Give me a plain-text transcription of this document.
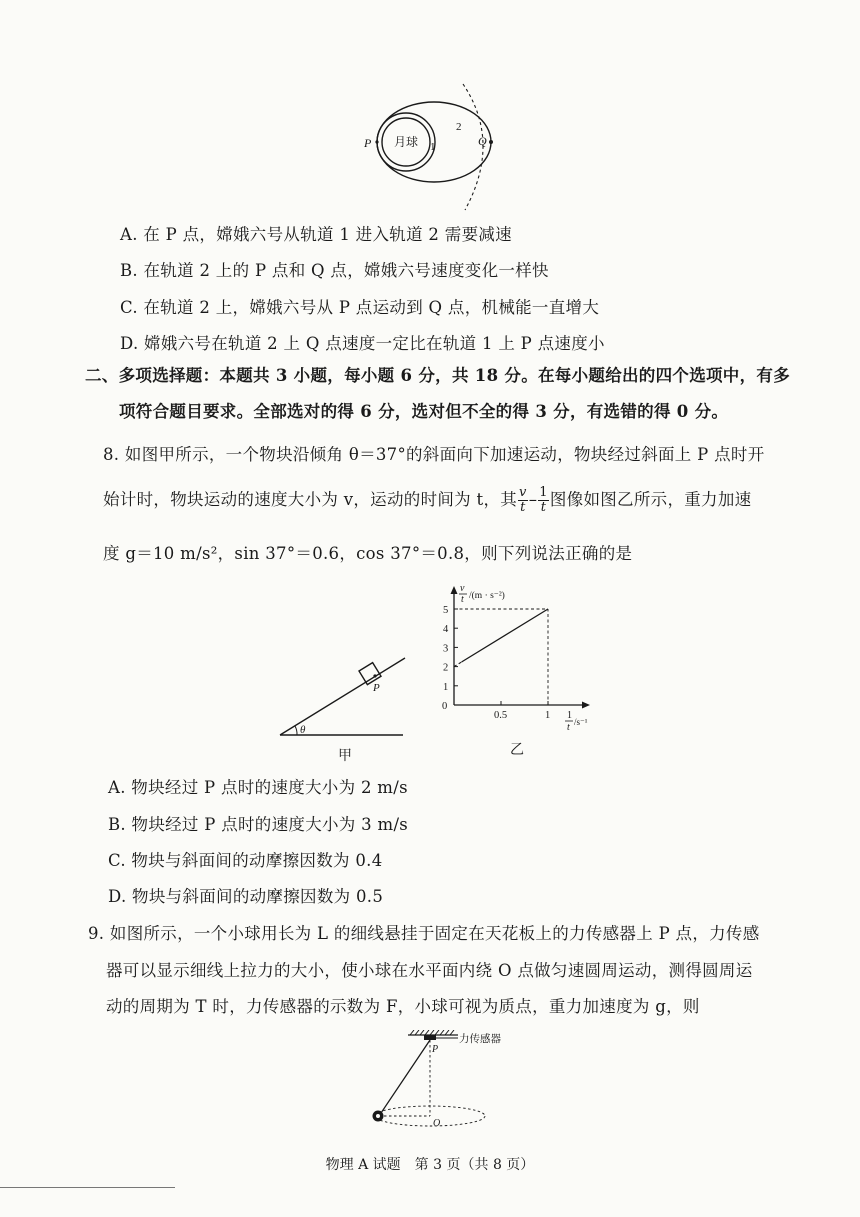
月球
P	Q
1
2
A. 在 P 点，嫦娥六号从轨道 1 进入轨道 2 需要减速
B. 在轨道 2 上的 P 点和 Q 点，嫦娥六号速度变化一样快
C. 在轨道 2 上，嫦娥六号从 P 点运动到 Q 点，机械能一直增大
D. 嫦娥六号在轨道 2 上 Q 点速度一定比在轨道 1 上 P 点速度小
二、多项选择题：本题共 3 小题，每小题 6 分，共 18 分。在每小题给出的四个选项中，有多
项符合题目要求。全部选对的得 6 分，选对但不全的得 3 分，有选错的得 0 分。
8. 如图甲所示，一个物块沿倾角 θ＝37°的斜面向下加速运动，物块经过斜面上 P 点时开
始计时，物块运动的速度大小为 v，运动的时间为 t，其 $\frac{v}{t} - \frac{1}{t}$ 图像如图乙所示，重力加速
度 g＝10 m/s²，sin 37°＝0.6，cos 37°＝0.8，则下列说法正确的是
P
θ
甲
1
2
3
4
5
0.5	1
v
t /(m · s⁻²)
1
t /s⁻¹
0
乙
A. 物块经过 P 点时的速度大小为 2 m/s
B. 物块经过 P 点时的速度大小为 3 m/s
C. 物块与斜面间的动摩擦因数为 0.4
D. 物块与斜面间的动摩擦因数为 0.5
9. 如图所示，一个小球用长为 L 的细线悬挂于固定在天花板上的力传感器上 P 点，力传感
器可以显示细线上拉力的大小，使小球在水平面内绕 O 点做匀速圆周运动，测得圆周运
动的周期为 T 时，力传感器的示数为 F，小球可视为质点，重力加速度为 g，则
力传感器
P
O
物理 A 试题　第 3 页（共 8 页）
